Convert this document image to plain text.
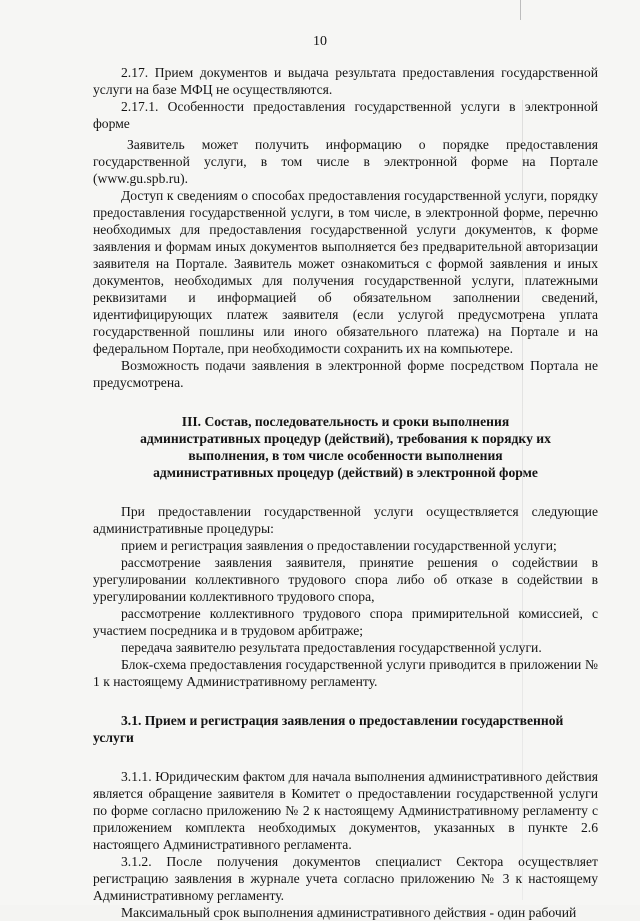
10

2.17. Прием документов и выдача результата предоставления государственной услуги на базе МФЦ не осуществляются.

2.17.1. Особенности предоставления государственной услуги в электронной форме

Заявитель может получить информацию о порядке предоставления государственной услуги, в том числе в электронной форме на Портале (www.gu.spb.ru).

Доступ к сведениям о способах предоставления государственной услуги, порядку предоставления государственной услуги, в том числе, в электронной форме, перечню необходимых для предоставления государственной услуги документов, к форме заявления и формам иных документов выполняется без предварительной авторизации заявителя на Портале. Заявитель может ознакомиться с формой заявления и иных документов, необходимых для получения государственной услуги, платежными реквизитами и информацией об обязательном заполнении сведений, идентифицирующих платеж заявителя (если услугой предусмотрена уплата государственной пошлины или иного обязательного платежа) на Портале и на федеральном Портале, при необходимости сохранить их на компьютере.

Возможность подачи заявления в электронной форме посредством Портала не предусмотрена.

III. Состав, последовательность и сроки выполнения

административных процедур (действий), требования к порядку их

выполнения, в том числе особенности выполнения

административных процедур (действий) в электронной форме

При предоставлении государственной услуги осуществляется следующие административные процедуры:

прием и регистрация заявления о предоставлении государственной услуги;

рассмотрение заявления заявителя, принятие решения о содействии в урегулировании коллективного трудового спора либо об отказе в содействии в урегулировании коллективного трудового спора,

рассмотрение коллективного трудового спора примирительной комиссией, с участием посредника и в трудовом арбитраже;

передача заявителю результата предоставления государственной услуги.

Блок-схема предоставления государственной услуги приводится в приложении № 1 к настоящему Административному регламенту.

3.1. Прием и регистрация заявления о предоставлении государственной услуги

3.1.1. Юридическим фактом для начала выполнения административного действия является обращение заявителя в Комитет о предоставлении государственной услуги по форме согласно приложению № 2 к настоящему Административному регламенту с приложением комплекта необходимых документов, указанных в пункте 2.6 настоящего Административного регламента.

3.1.2. После получения документов специалист Сектора осуществляет регистрацию заявления в журнале учета согласно приложению № 3 к настоящему Административному регламенту.

Максимальный срок выполнения административного действия - один рабочий
